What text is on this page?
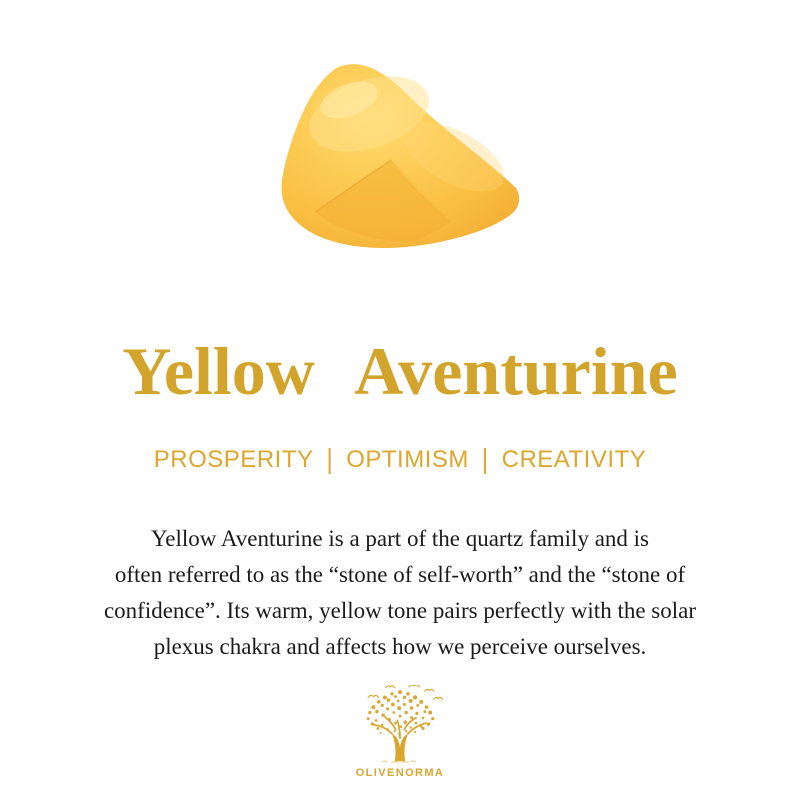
Yellow Aventurine
PROSPERITY | OPTIMISM | CREATIVITY
Yellow Aventurine is a part of the quartz family and is
often referred to as the “stone of self-worth” and the “stone of
confidence”. Its warm, yellow tone pairs perfectly with the solar
plexus chakra and affects how we perceive ourselves.
OLIVENORMA
